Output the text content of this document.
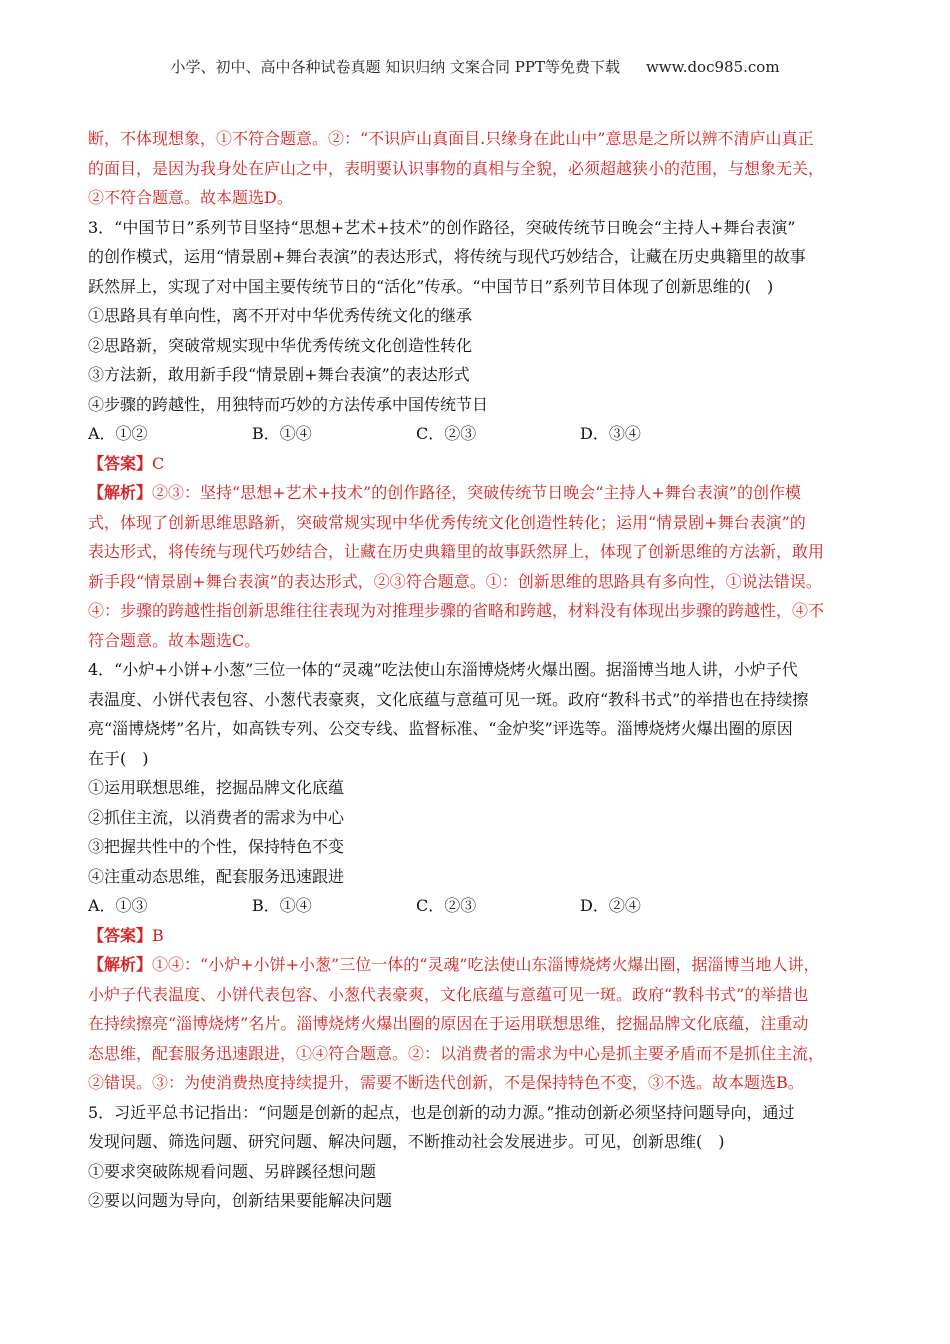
小学、初中、高中各种试卷真题 知识归纳 文案合同 PPT等免费下载 www.doc985.com

断，不体现想象，①不符合题意。②：“不识庐山真面目.只缘身在此山中”意思是之所以辨不清庐山真正

的面目，是因为我身处在庐山之中，表明要认识事物的真相与全貌，必须超越狭小的范围，与想象无关，

②不符合题意。故本题选D。

3．“中国节日”系列节目坚持“思想+艺术+技术”的创作路径，突破传统节日晚会“主持人+舞台表演”

的创作模式，运用“情景剧+舞台表演”的表达形式，将传统与现代巧妙结合，让藏在历史典籍里的故事

跃然屏上，实现了对中国主要传统节日的“活化”传承。“中国节日”系列节目体现了创新思维的(　)

①思路具有单向性，离不开对中华优秀传统文化的继承

②思路新，突破常规实现中华优秀传统文化创造性转化

③方法新，敢用新手段“情景剧+舞台表演”的表达形式

④步骤的跨越性，用独特而巧妙的方法传承中国传统节日

A．①②	B．①④	C．②③	D．③④

【答案】C

【解析】②③：坚持“思想+艺术+技术”的创作路径，突破传统节日晚会“主持人+舞台表演”的创作模

式，体现了创新思维思路新，突破常规实现中华优秀传统文化创造性转化；运用“情景剧+舞台表演”的

表达形式，将传统与现代巧妙结合，让藏在历史典籍里的故事跃然屏上，体现了创新思维的方法新，敢用

新手段“情景剧+舞台表演”的表达形式，②③符合题意。①：创新思维的思路具有多向性，①说法错误。

④：步骤的跨越性指创新思维往往表现为对推理步骤的省略和跨越，材料没有体现出步骤的跨越性，④不

符合题意。故本题选C。

4．“小炉+小饼+小葱”三位一体的“灵魂”吃法使山东淄博烧烤火爆出圈。据淄博当地人讲，小炉子代

表温度、小饼代表包容、小葱代表豪爽，文化底蕴与意蕴可见一斑。政府“教科书式”的举措也在持续擦

亮“淄博烧烤”名片，如高铁专列、公交专线、监督标准、“金炉奖”评选等。淄博烧烤火爆出圈的原因

在于(　)

①运用联想思维，挖掘品牌文化底蕴

②抓住主流，以消费者的需求为中心

③把握共性中的个性，保持特色不变

④注重动态思维，配套服务迅速跟进

A．①③	B．①④	C．②③	D．②④

【答案】B

【解析】①④：“小炉+小饼+小葱”三位一体的“灵魂”吃法使山东淄博烧烤火爆出圈，据淄博当地人讲，

小炉子代表温度、小饼代表包容、小葱代表豪爽，文化底蕴与意蕴可见一斑。政府“教科书式”的举措也

在持续擦亮“淄博烧烤”名片。淄博烧烤火爆出圈的原因在于运用联想思维，挖掘品牌文化底蕴，注重动

态思维，配套服务迅速跟进，①④符合题意。②：以消费者的需求为中心是抓主要矛盾而不是抓住主流，

②错误。③：为使消费热度持续提升，需要不断迭代创新，不是保持特色不变，③不选。故本题选B。

5．习近平总书记指出：“问题是创新的起点，也是创新的动力源。”推动创新必须坚持问题导向，通过

发现问题、筛选问题、研究问题、解决问题，不断推动社会发展进步。可见，创新思维(　)

①要求突破陈规看问题、另辟蹊径想问题

②要以问题为导向，创新结果要能解决问题
